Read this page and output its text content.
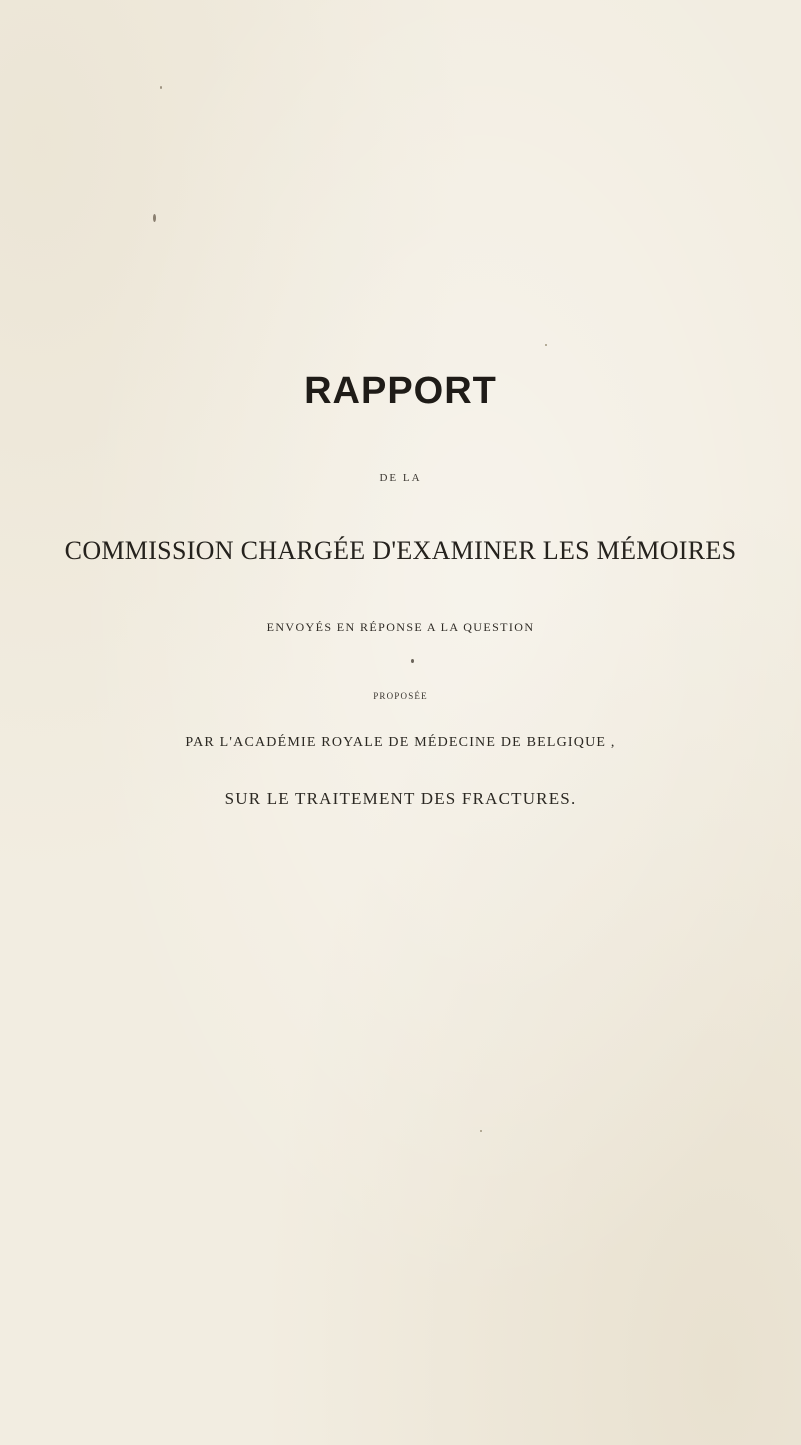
RAPPORT
DE LA
COMMISSION CHARGÉE D'EXAMINER LES MÉMOIRES
ENVOYÉS EN RÉPONSE A LA QUESTION
PROPOSÉE
PAR L'ACADÉMIE ROYALE DE MÉDECINE DE BELGIQUE ,
SUR LE TRAITEMENT DES FRACTURES.
